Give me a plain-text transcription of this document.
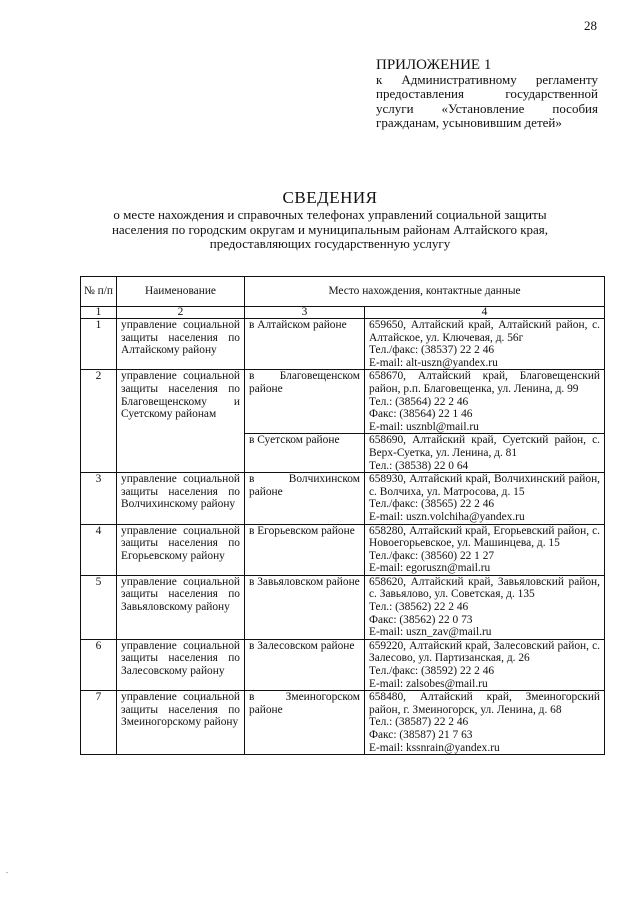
28
ПРИЛОЖЕНИЕ 1
к Административному регламенту предоставления государственной услуги «Установление пособия гражданам, усыновившим детей»
СВЕДЕНИЯ
о месте нахождения и справочных телефонах управлений социальной защиты населения по городским округам и муниципальным районам Алтайского края, предоставляющих государственную услугу
№ п/п	Наименование	Место нахождения, контактные данные	
1	2	3	4
1	управление социальной защиты населения по Алтайскому району	в Алтайском районе	659650, Алтайский край, Алтайский район, с. Алтайское, ул. Ключевая, д. 56г
Тел./факс: (38537) 22 2 46
E-mail: alt-uszn@yandex.ru

2	управление социальной защиты населения по Благовещенскому и Суетскому районам	в Благовещенском районе	658670, Алтайский край, Благовещенский район, р.п. Благовещенка, ул. Ленина, д. 99
Тел.: (38564) 22 2 46
Факс: (38564) 22 1 46
E-mail: usznbl@mail.ru

		в Суетском районе	658690, Алтайский край, Суетский район, с. Верх-Суетка, ул. Ленина, д. 81
Тел.: (38538) 22 0 64

3	управление социальной защиты населения по Волчихинскому району	в Волчихинском районе	658930, Алтайский край, Волчихинский район, с. Волчиха, ул. Матросова, д. 15
Тел./факс: (38565) 22 2 46
E-mail: uszn.volchiha@yandex.ru

4	управление социальной защиты населения по Егорьевскому району	в Егорьевском районе	658280, Алтайский край, Егорьевский район, с. Новоегорьевское, ул. Машинцева, д. 15
Тел./факс: (38560) 22 1 27
E-mail: egoruszn@mail.ru

5	управление социальной защиты населения по Завьяловскому району	в Завьяловском районе	658620, Алтайский край, Завьяловский район, с. Завьялово, ул. Советская, д. 135
Тел.: (38562) 22 2 46
Факс: (38562) 22 0 73
E-mail: uszn_zav@mail.ru

6	управление социальной защиты населения по Залесовскому району	в Залесовском районе	659220, Алтайский край, Залесовский район, с. Залесово, ул. Партизанская, д. 26
Тел./факс: (38592) 22 2 46
E-mail: zalsobes@mail.ru

7	управление социальной защиты населения по Змеиногорскому району	в Змеиногорском районе	658480, Алтайский край, Змеиногорский район, г. Змеиногорск, ул. Ленина, д. 68
Тел.: (38587) 22 2 46
Факс: (38587) 21 7 63
E-mail: kssnrain@yandex.ru
.
